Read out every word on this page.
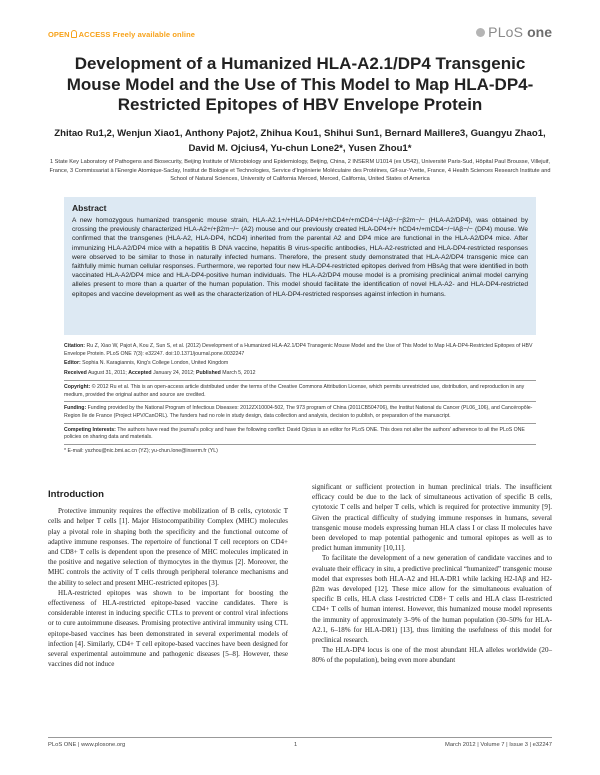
OPEN ACCESS Freely available online	PLoS one
Development of a Humanized HLA-A2.1/DP4 Transgenic Mouse Model and the Use of This Model to Map HLA-DP4-Restricted Epitopes of HBV Envelope Protein
Zhitao Ru1,2, Wenjun Xiao1, Anthony Pajot2, Zhihua Kou1, Shihui Sun1, Bernard Maillere3, Guangyu Zhao1, David M. Ojcius4, Yu-chun Lone2*, Yusen Zhou1*
1 State Key Laboratory of Pathogens and Biosecurity, Beijing Institute of Microbiology and Epidemiology, Beijing, China, 2 INSERM U1014 (ex U542), Université Paris-Sud, Hôpital Paul Brousse, Villejuif, France, 3 Commissariat à l'Energie Atomique-Saclay, Institut de Biologie et Technologies, Service d'Ingénierie Moléculaire des Protéines, Gif-sur-Yvette, France, 4 Health Sciences Research Institute and School of Natural Sciences, University of California Merced, Merced, California, United States of America
Abstract

A new homozygous humanized transgenic mouse strain, HLA-A2.1+/+HLA-DP4+/+hCD4+/+mCD4−/−IAβ−/−β2m−/− (HLA-A2/DP4), was obtained by crossing the previously characterized HLA-A2+/+β2m−/− (A2) mouse and our previously created HLA-DP4+/+ hCD4+/+mCD4−/−IAβ−/− (DP4) mouse. We confirmed that the transgenes (HLA-A2, HLA-DP4, hCD4) inherited from the parental A2 and DP4 mice are functional in the HLA-A2/DP4 mice. After immunizing HLA-A2/DP4 mice with a hepatitis B DNA vaccine, hepatitis B virus-specific antibodies, HLA-A2-restricted and HLA-DP4-restricted responses were observed to be similar to those in naturally infected humans. Therefore, the present study demonstrated that HLA-A2/DP4 transgenic mice can faithfully mimic human cellular responses. Furthermore, we reported four new HLA-DP4-restricted epitopes derived from HBsAg that were identified in both vaccinated HLA-A2/DP4 mice and HLA-DP4-positive human individuals. The HLA-A2/DP4 mouse model is a promising preclinical animal model carrying alleles present to more than a quarter of the human population. This model should facilitate the identification of novel HLA-A2- and HLA-DP4-restricted epitopes and vaccine development as well as the characterization of HLA-DP4-restricted responses against infection in humans.

Citation: Ru Z, Xiao W, Pajot A, Kou Z, Sun S, et al. (2012) Development of a Humanized HLA-A2.1/DP4 Transgenic Mouse Model and the Use of This Model to Map HLA-DP4-Restricted Epitopes of HBV Envelope Protein. PLoS ONE 7(3): e32247. doi:10.1371/journal.pone.0032247

Editor: Sophia N. Karagiannis, King's College London, United Kingdom

Received August 31, 2011; Accepted January 24, 2012; Published March 5, 2012

Copyright: © 2012 Ru et al. This is an open-access article distributed under the terms of the Creative Commons Attribution License, which permits unrestricted use, distribution, and reproduction in any medium, provided the original author and source are credited.

Funding: Funding provided by the National Program of Infectious Diseases: 2012ZX10004-502, The 973 program of China (2011CB504706), the Institut National du Cancer (PL06_106), and Cancéropôle-Region Ile de France (Project HPV/CanORL). The funders had no role in study design, data collection and analysis, decision to publish, or preparation of the manuscript.

Competing Interests: The authors have read the journal's policy and have the following conflict: David Ojcius is an editor for PLoS ONE. This does not alter the authors' adherence to all the PLoS ONE policies on sharing data and materials.

* E-mail: yszhou@nic.bmi.ac.cn (YZ); yu-chun.lone@inserm.fr (YL)

Introduction

Protective immunity requires the effective mobilization of B cells, cytotoxic T cells and helper T cells [1]. Major Histocompatibility Complex (MHC) molecules play a pivotal role in shaping both the specificity and the functional outcome of adaptive immune responses. The repertoire of functional T cell receptors on CD4+ and CD8+ T cells is dependent upon the presence of MHC molecules implicated in the positive and negative selection of thymocytes in the thymus [2]. Moreover, the MHC controls the activity of T cells through peripheral tolerance mechanisms and the ability to select and present MHC-restricted epitopes [3].

HLA-restricted epitopes was shown to be important for boosting the effectiveness of HLA-restricted epitope-based vaccine candidates. There is considerable interest in inducing specific CTLs to prevent or control viral infections or to cure autoimmune diseases. Promising protective antiviral immunity using CTL epitope-based vaccines has been demonstrated in several experimental models of infection [4]. Similarly, CD4+ T cell epitope-based vaccines have been designed for several experimental autoimmune and pathogenic diseases [5–8]. However, these vaccines did not induce

significant or sufficient protection in human preclinical trials. The insufficient efficacy could be due to the lack of simultaneous activation of specific B cells, cytotoxic T cells and helper T cells, which is required for protective immunity [9]. Given the practical difficulty of studying immune responses in humans, several transgenic mouse models expressing human HLA class I or class II molecules have been developed to map potential pathogenic and tumoral epitopes as well as to predict human immunity [10,11].

To facilitate the development of a new generation of candidate vaccines and to evaluate their efficacy in situ, a predictive preclinical “humanized” transgenic mouse model that expresses both HLA-A2 and HLA-DR1 while lacking H2-IAβ and H2-β2m was developed [12]. These mice allow for the simultaneous evaluation of specific B cells, HLA class I-restricted CD8+ T cells and HLA class II-restricted CD4+ T cells of human interest. However, this humanized mouse model represents the immunity of approximately 3–9% of the human population (30–50% for HLA-A2.1, 6–18% for HLA-DR1) [13], thus limiting the usefulness of this model for preclinical research.

The HLA-DP4 locus is one of the most abundant HLA alleles worldwide (20–80% of the population), being even more abundant

PLoS ONE | www.plosone.org	1	March 2012 | Volume 7 | Issue 3 | e32247
